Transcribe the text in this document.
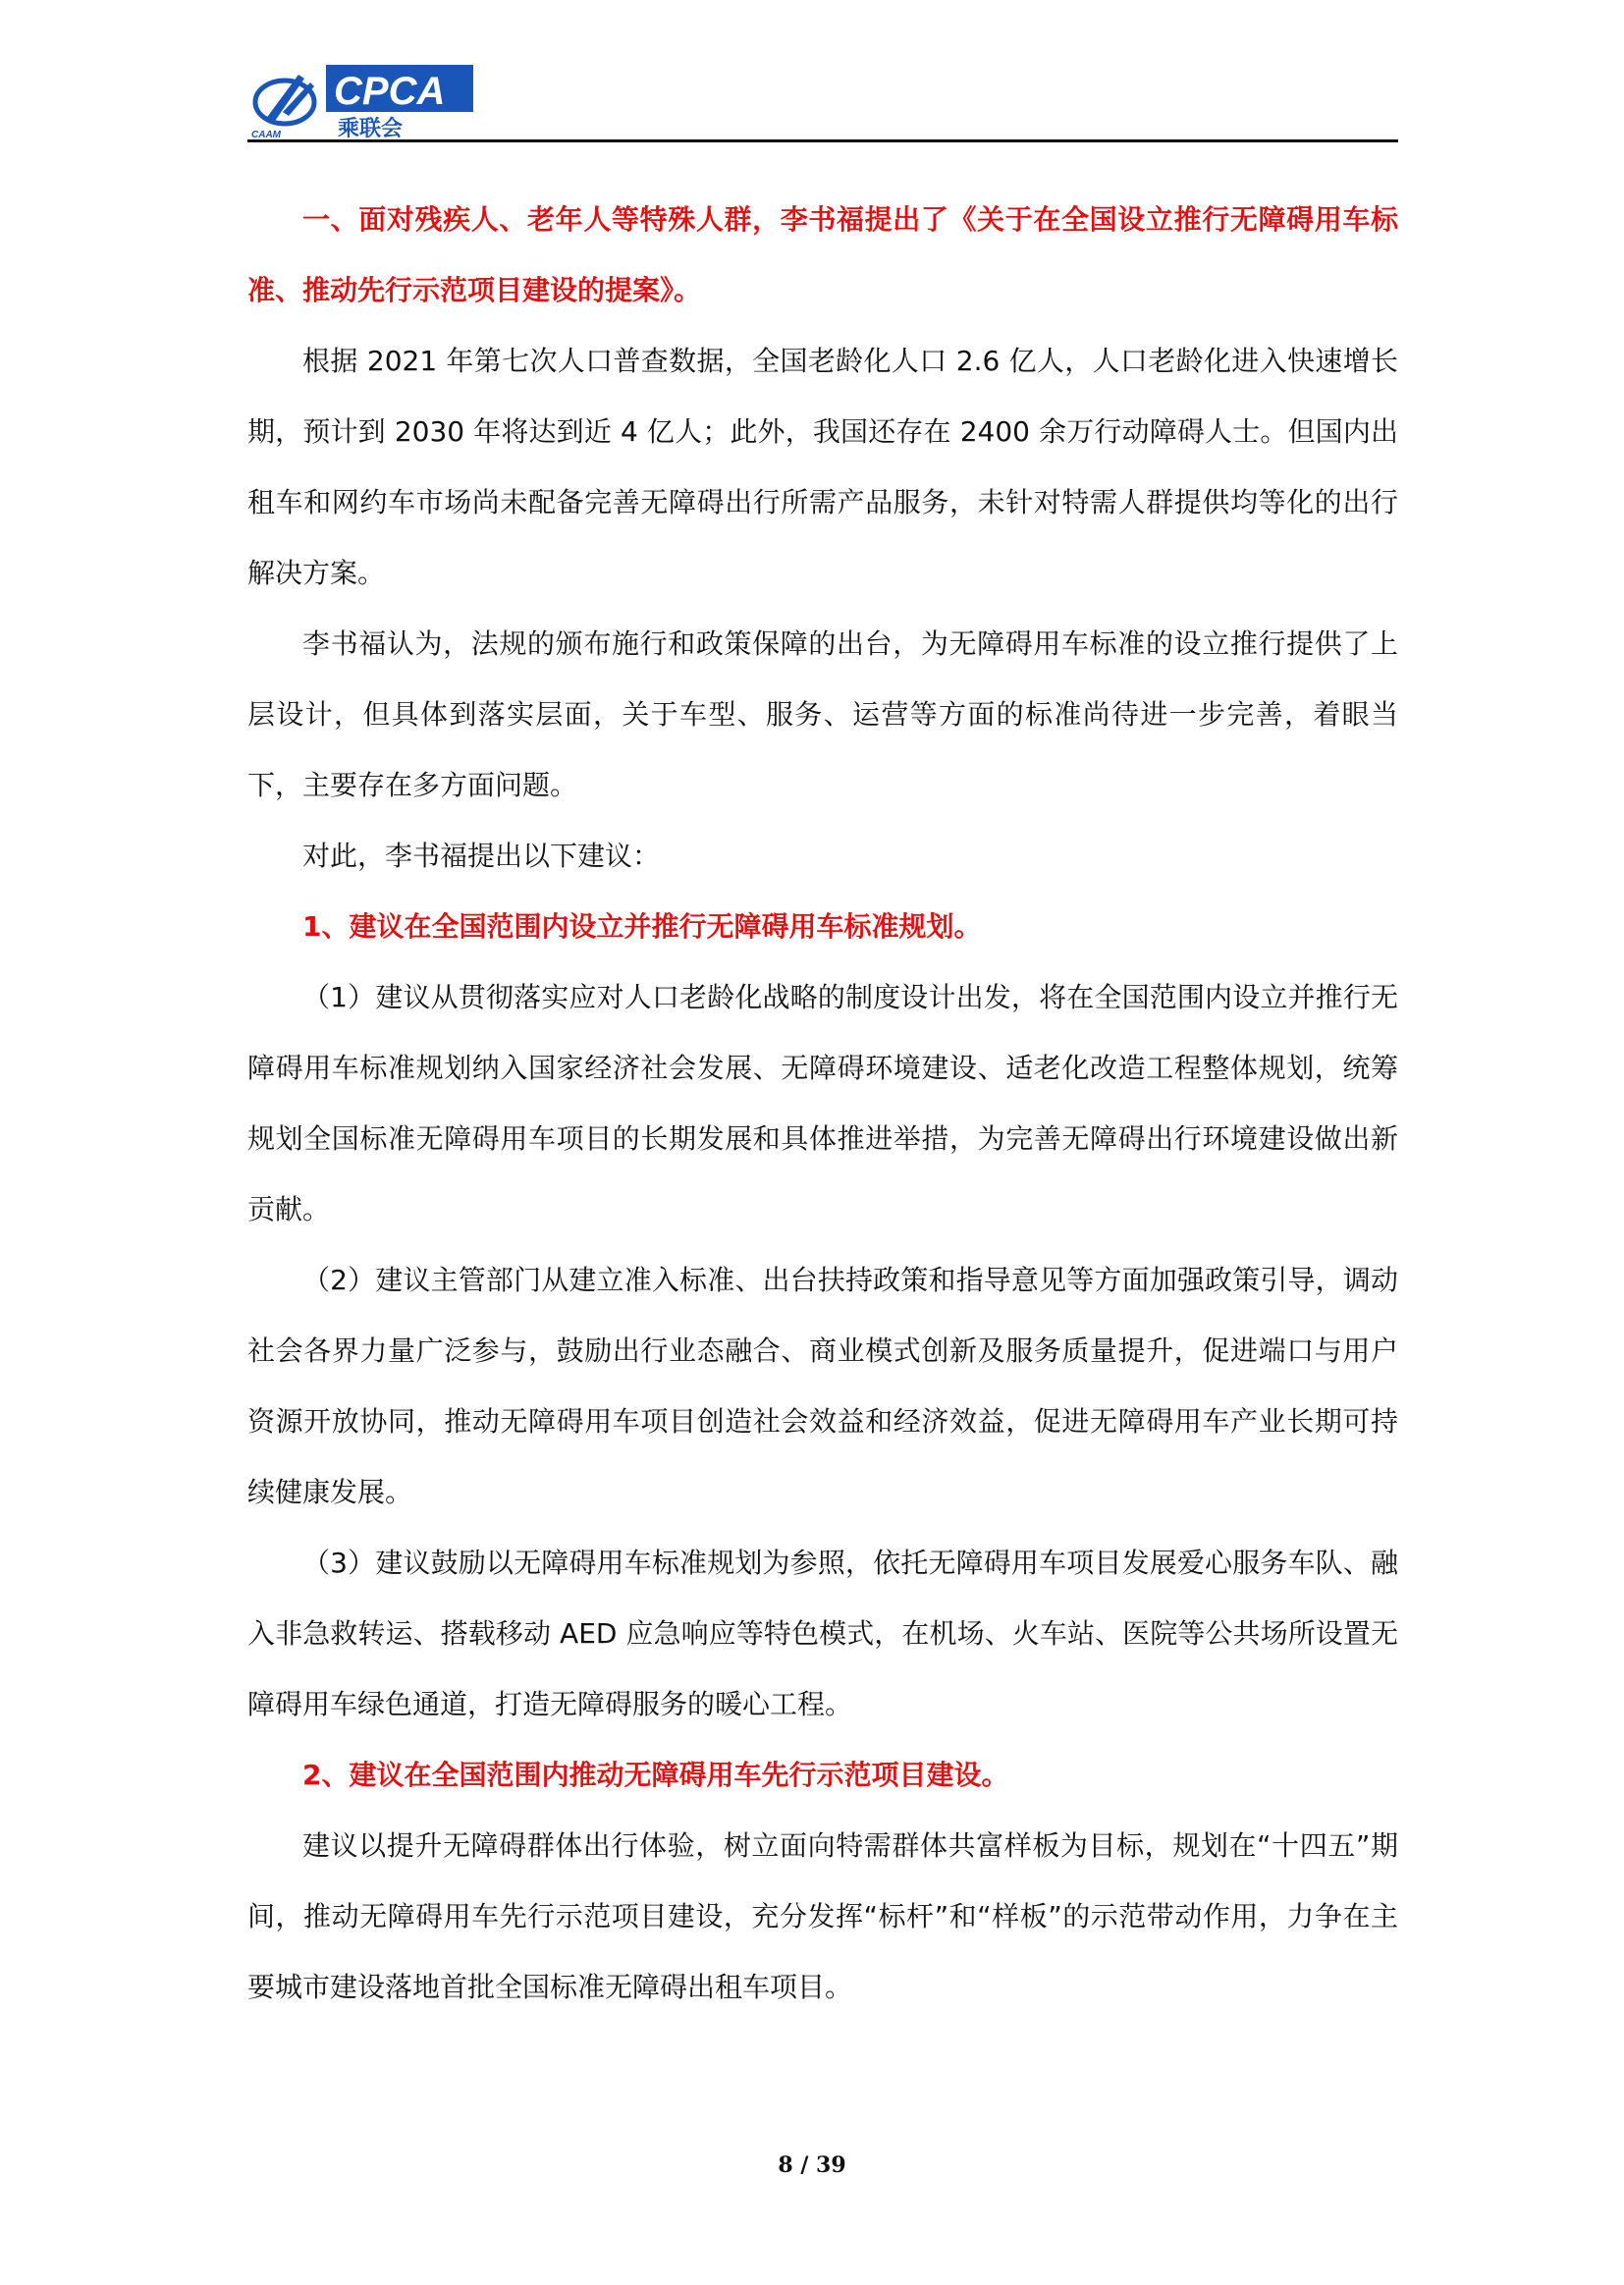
CAAM
CPCA
乘联会

一、面对残疾人、老年人等特殊人群，李书福提出了《关于在全国设立推行无障碍用车标准、推动先行示范项目建设的提案》。

根据 2021 年第七次人口普查数据，全国老龄化人口 2.6 亿人，人口老龄化进入快速增长期，预计到 2030 年将达到近 4 亿人；此外，我国还存在 2400 余万行动障碍人士。但国内出租车和网约车市场尚未配备完善无障碍出行所需产品服务，未针对特需人群提供均等化的出行解决方案。

李书福认为，法规的颁布施行和政策保障的出台，为无障碍用车标准的设立推行提供了上层设计，但具体到落实层面，关于车型、服务、运营等方面的标准尚待进一步完善，着眼当下，主要存在多方面问题。

对此，李书福提出以下建议：

1、建议在全国范围内设立并推行无障碍用车标准规划。

（1）建议从贯彻落实应对人口老龄化战略的制度设计出发，将在全国范围内设立并推行无障碍用车标准规划纳入国家经济社会发展、无障碍环境建设、适老化改造工程整体规划，统筹规划全国标准无障碍用车项目的长期发展和具体推进举措，为完善无障碍出行环境建设做出新贡献。

（2）建议主管部门从建立准入标准、出台扶持政策和指导意见等方面加强政策引导，调动社会各界力量广泛参与，鼓励出行业态融合、商业模式创新及服务质量提升，促进端口与用户资源开放协同，推动无障碍用车项目创造社会效益和经济效益，促进无障碍用车产业长期可持续健康发展。

（3）建议鼓励以无障碍用车标准规划为参照，依托无障碍用车项目发展爱心服务车队、融入非急救转运、搭载移动 AED 应急响应等特色模式，在机场、火车站、医院等公共场所设置无障碍用车绿色通道，打造无障碍服务的暖心工程。

2、建议在全国范围内推动无障碍用车先行示范项目建设。

建议以提升无障碍群体出行体验，树立面向特需群体共富样板为目标，规划在“十四五”期间，推动无障碍用车先行示范项目建设，充分发挥“标杆”和“样板”的示范带动作用，力争在主要城市建设落地首批全国标准无障碍出租车项目。

8 / 39
